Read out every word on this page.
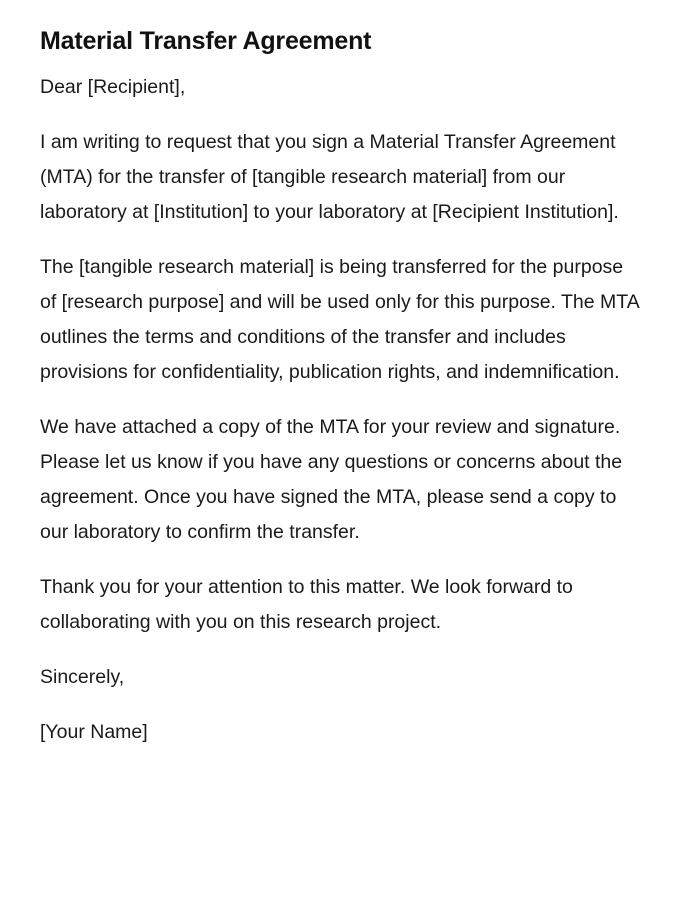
Material Transfer Agreement

Dear [Recipient],

I am writing to request that you sign a Material Transfer Agreement (MTA) for the transfer of [tangible research material] from our laboratory at [Institution] to your laboratory at [Recipient Institution].

The [tangible research material] is being transferred for the purpose of [research purpose] and will be used only for this purpose. The MTA outlines the terms and conditions of the transfer and includes provisions for confidentiality, publication rights, and indemnification.

We have attached a copy of the MTA for your review and signature. Please let us know if you have any questions or concerns about the agreement. Once you have signed the MTA, please send a copy to our laboratory to confirm the transfer.

Thank you for your attention to this matter. We look forward to collaborating with you on this research project.

Sincerely,

[Your Name]
